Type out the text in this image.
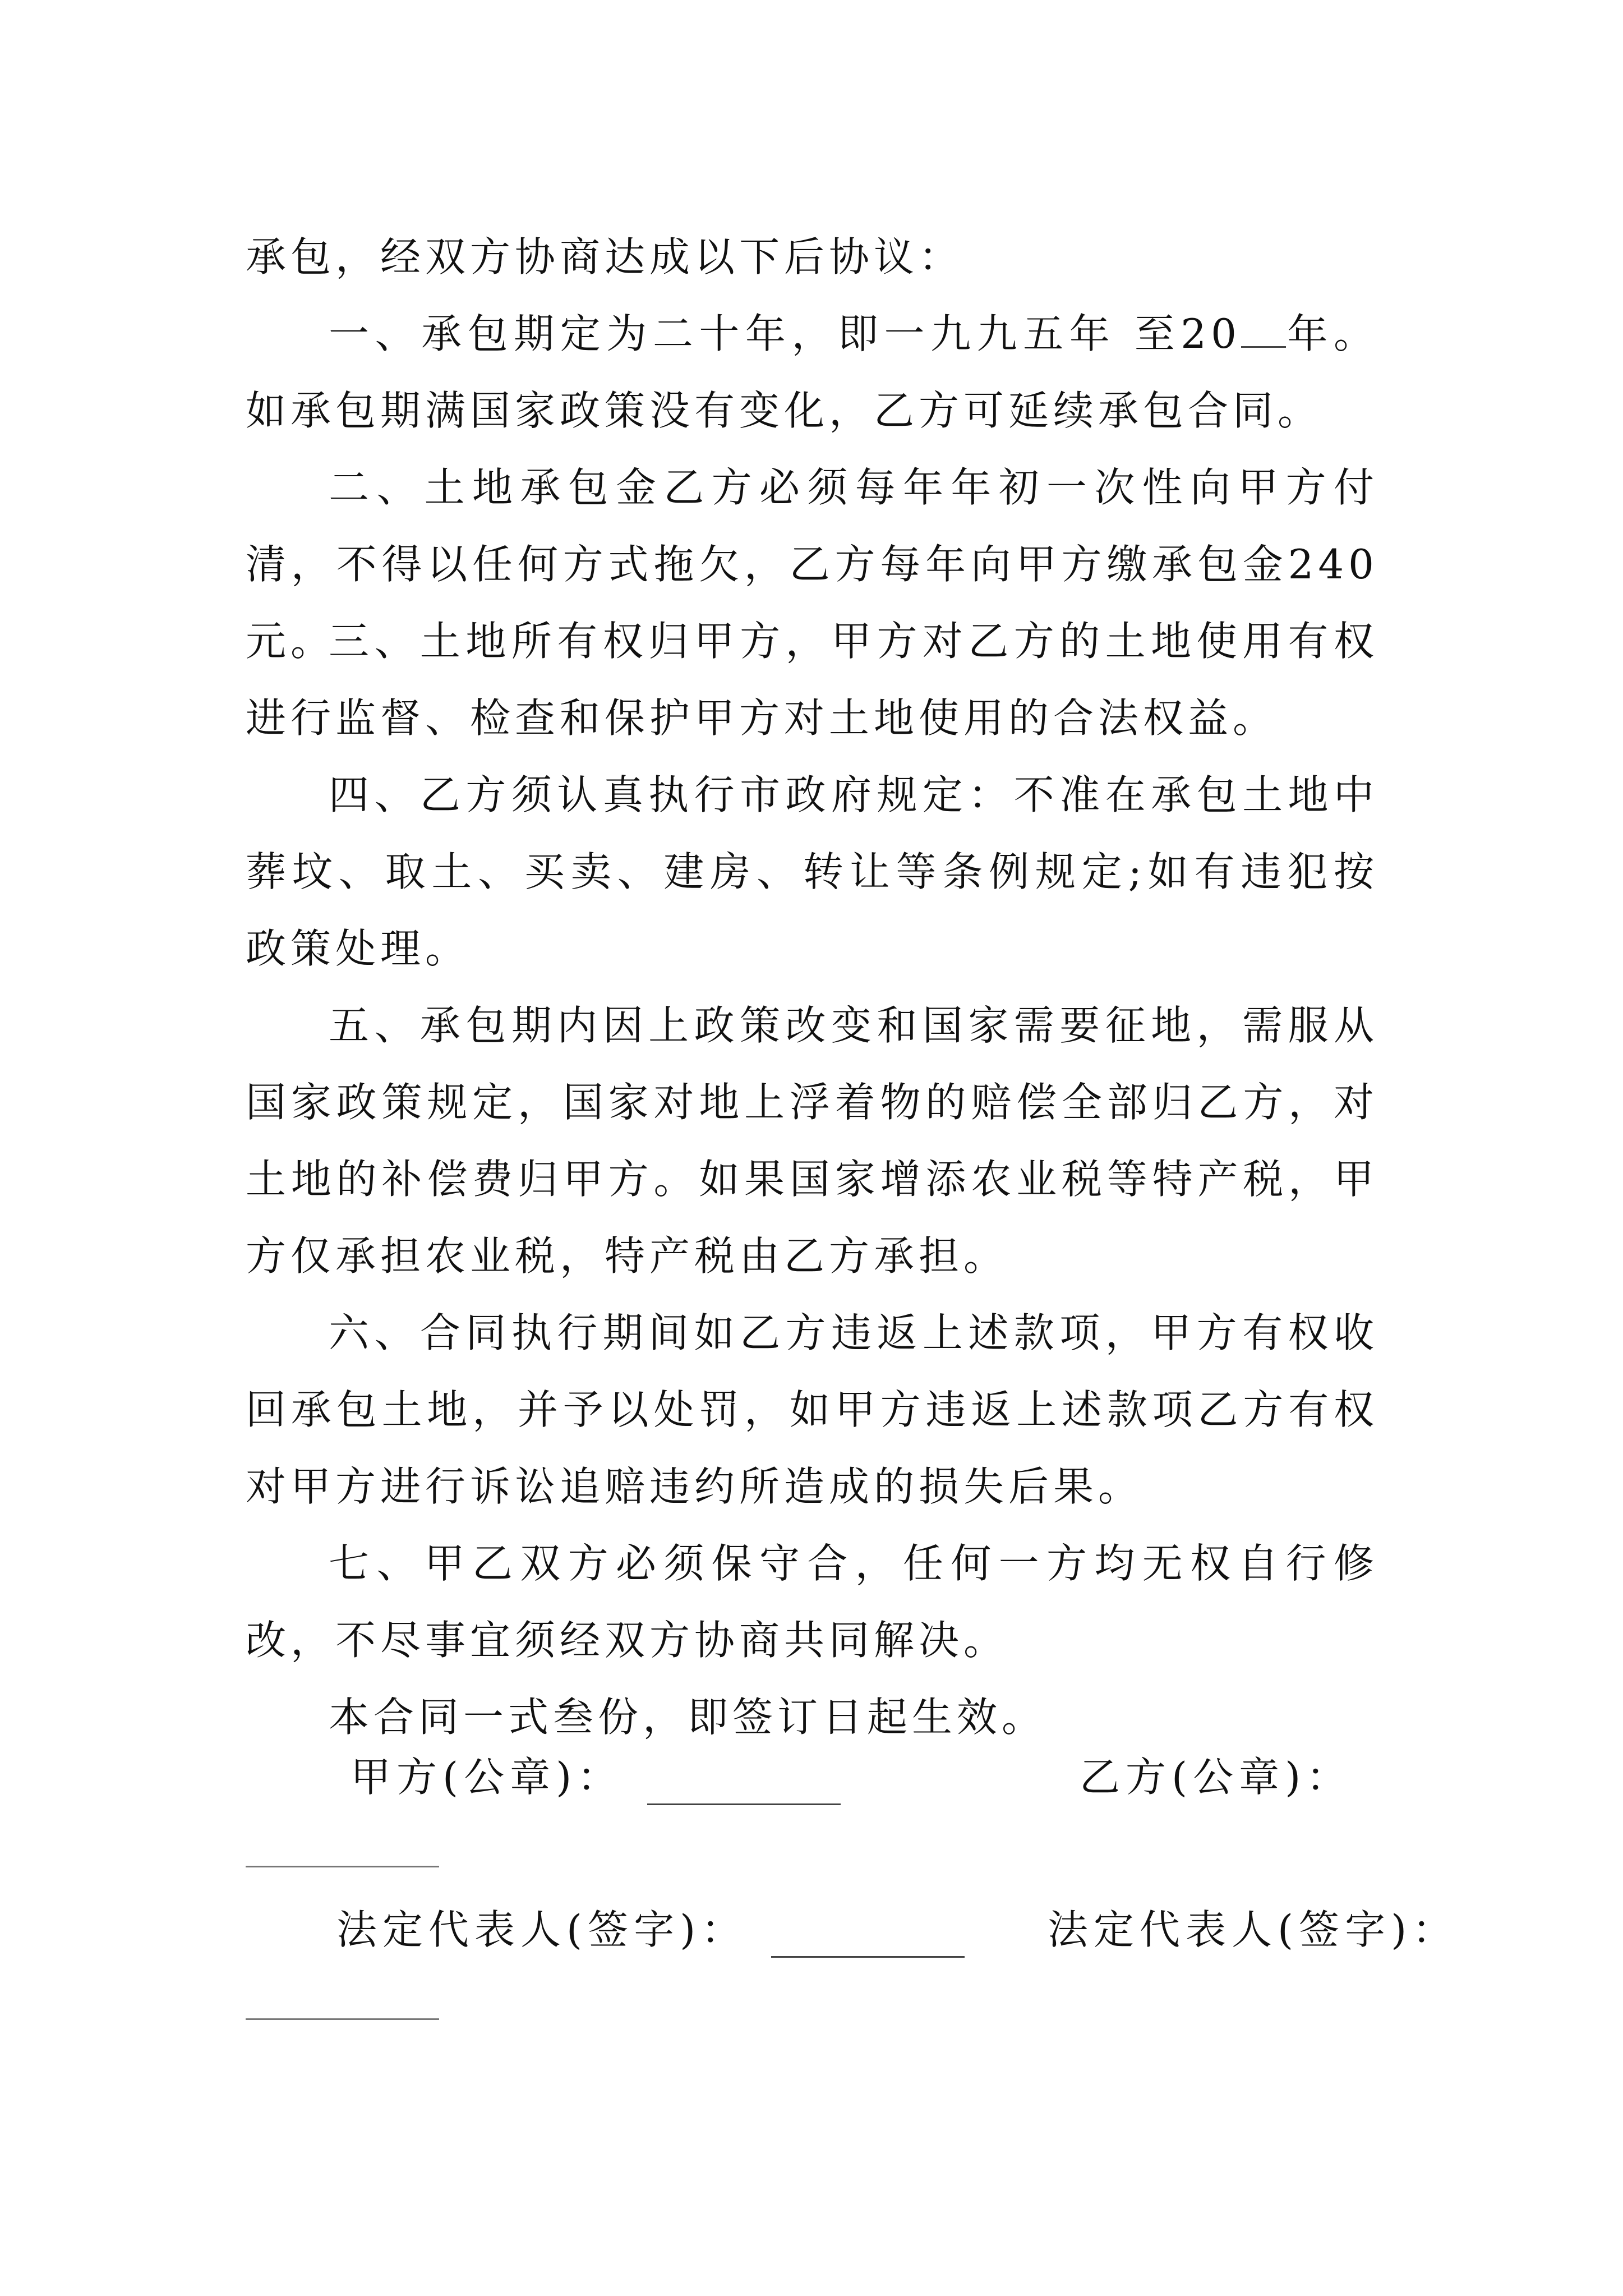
承包，经双方协商达成以下后协议：

一、承包期定为二十年，即一九九五年 至20 年。如承包期满国家政策没有变化，乙方可延续承包合同。

二、土地承包金乙方必须每年年初一次性向甲方付清，不得以任何方式拖欠，乙方每年向甲方缴承包金240元。

三、土地所有权归甲方，甲方对乙方的土地使用有权进行监督、检查和保护甲方对土地使用的合法权益。

四、乙方须认真执行市政府规定：不准在承包土地中葬坟、取土、买卖、建房、转让等条例规定;如有违犯按政策处理。

五、承包期内因上政策改变和国家需要征地，需服从国家政策规定，国家对地上浮着物的赔偿全部归乙方，对土地的补偿费归甲方。如果国家增添农业税等特产税，甲方仅承担农业税，特产税由乙方承担。

六、合同执行期间如乙方违返上述款项，甲方有权收回承包土地，并予以处罚，如甲方违返上述款项乙方有权对甲方进行诉讼追赔违约所造成的损失后果。

七、甲乙双方必须保守合，任何一方均无权自行修改，不尽事宜须经双方协商共同解决。

本合同一式叁份，即签订日起生效。

甲方(公章)：	乙方(公章)：
法定代表人(签字)：	法定代表人(签字)：
